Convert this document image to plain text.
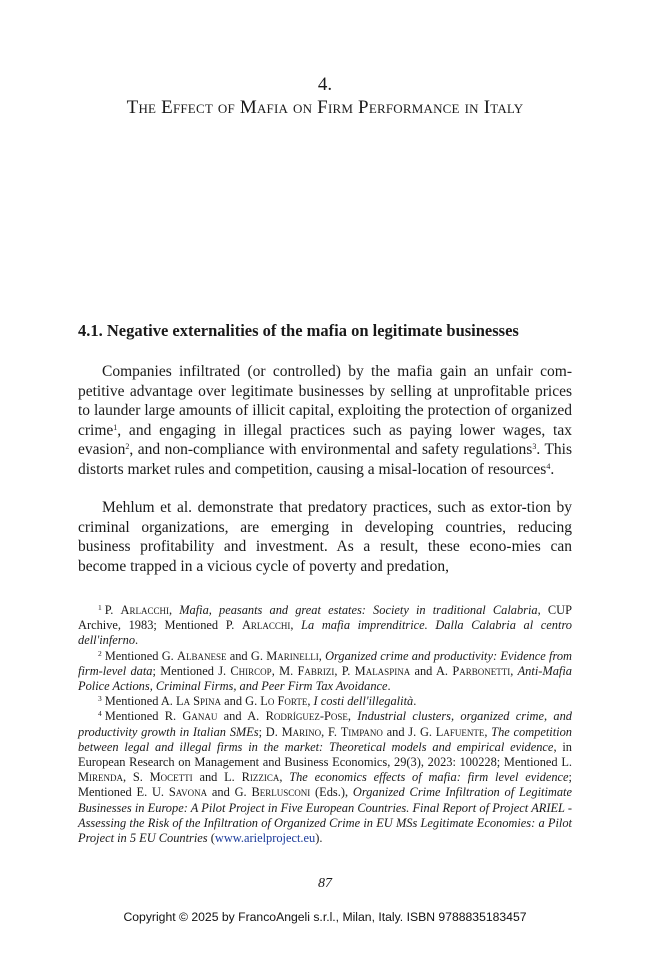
4.
The Effect of Mafia on Firm Performance in Italy
4.1. Negative externalities of the mafia on legitimate businesses

Companies infiltrated (or controlled) by the mafia gain an unfair com-petitive advantage over legitimate businesses by selling at unprofitable prices to launder large amounts of illicit capital, exploiting the protection of organized crime$^1$, and engaging in illegal practices such as paying lower wages, tax evasion$^2$, and non-compliance with environmental and safety regulations$^3$. This distorts market rules and competition, causing a misal-location of resources$^4$.

Mehlum et al. demonstrate that predatory practices, such as extor-tion by criminal organizations, are emerging in developing countries, reducing business profitability and investment. As a result, these econo-mies can become trapped in a vicious cycle of poverty and predation,

$^1$ P. Arlacchi, Mafia, peasants and great estates: Society in traditional Calabria, CUP Archive, 1983; Mentioned P. Arlacchi, La mafia imprenditrice. Dalla Calabria al centro dell'inferno.

$^2$ Mentioned G. Albanese and G. Marinelli, Organized crime and productivity: Evidence from firm-level data; Mentioned J. Chircop, M. Fabrizi, P. Malaspina and A. Parbonetti, Anti-Mafia Police Actions, Criminal Firms, and Peer Firm Tax Avoidance.

$^3$ Mentioned A. La Spina and G. Lo Forte, I costi dell'illegalità.

$^4$ Mentioned R. Ganau and A. Rodríguez-Pose, Industrial clusters, organized crime, and productivity growth in Italian SMEs; D. Marino, F. Timpano and J. G. Lafuente, The competition between legal and illegal firms in the market: Theoretical models and empirical evidence, in European Research on Management and Business Economics, 29(3), 2023: 100228; Mentioned L. Mirenda, S. Mocetti and L. Rizzica, The economics effects of mafia: firm level evidence; Mentioned E. U. Savona and G. Berlusconi (Eds.), Organized Crime Infiltration of Legitimate Businesses in Europe: A Pilot Project in Five European Countries. Final Report of Project ARIEL - Assessing the Risk of the Infiltration of Organized Crime in EU MSs Legitimate Economies: a Pilot Project in 5 EU Countries (www.arielproject.eu).

87
Copyright © 2025 by FrancoAngeli s.r.l., Milan, Italy. ISBN 9788835183457
